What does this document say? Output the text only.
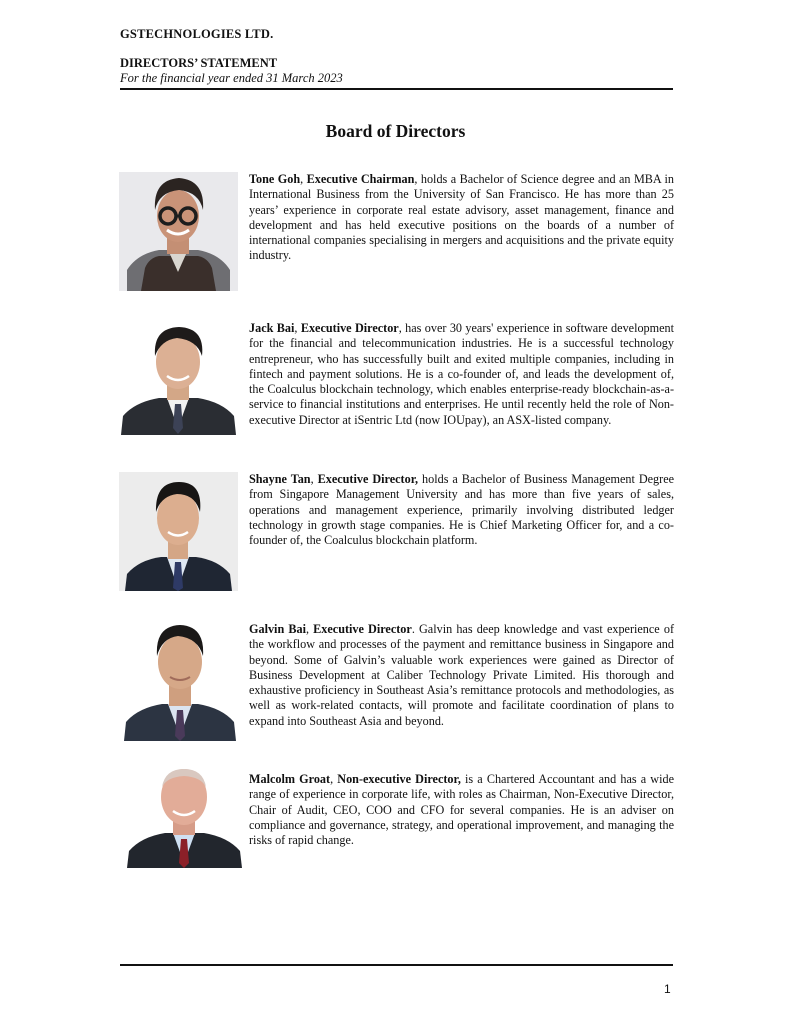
GSTECHNOLOGIES LTD.
DIRECTORS’ STATEMENT
For the financial year ended 31 March 2023
Board of Directors
Tone Goh, Executive Chairman, holds a Bachelor of Science degree and an MBA in International Business from the University of San Francisco. He has more than 25 years’ experience in corporate real estate advisory, asset management, finance and development and has held executive positions on the boards of a number of international companies specialising in mergers and acquisitions and the private equity industry.
Jack Bai, Executive Director, has over 30 years' experience in software development for the financial and telecommunication industries. He is a successful technology entrepreneur, who has successfully built and exited multiple companies, including in fintech and payment solutions. He is a co-founder of, and leads the development of, the Coalculus blockchain technology, which enables enterprise-ready blockchain-as-a-service to financial institutions and enterprises. He until recently held the role of Non-executive Director at iSentric Ltd (now IOUpay), an ASX-listed company.
Shayne Tan, Executive Director, holds a Bachelor of Business Management Degree from Singapore Management University and has more than five years of sales, operations and management experience, primarily involving distributed ledger technology in growth stage companies. He is Chief Marketing Officer for, and a co-founder of, the Coalculus blockchain platform.
Galvin Bai, Executive Director. Galvin has deep knowledge and vast experience of the workflow and processes of the payment and remittance business in Singapore and beyond. Some of Galvin’s valuable work experiences were gained as Director of Business Development at Caliber Technology Private Limited. His thorough and exhaustive proficiency in Southeast Asia’s remittance protocols and methodologies, as well as work-related contacts, will promote and facilitate coordination of plans to expand into Southeast Asia and beyond.
Malcolm Groat, Non-executive Director, is a Chartered Accountant and has a wide range of experience in corporate life, with roles as Chairman, Non-Executive Director, Chair of Audit, CEO, COO and CFO for several companies. He is an adviser on compliance and governance, strategy, and operational improvement, and managing the risks of rapid change.
1
